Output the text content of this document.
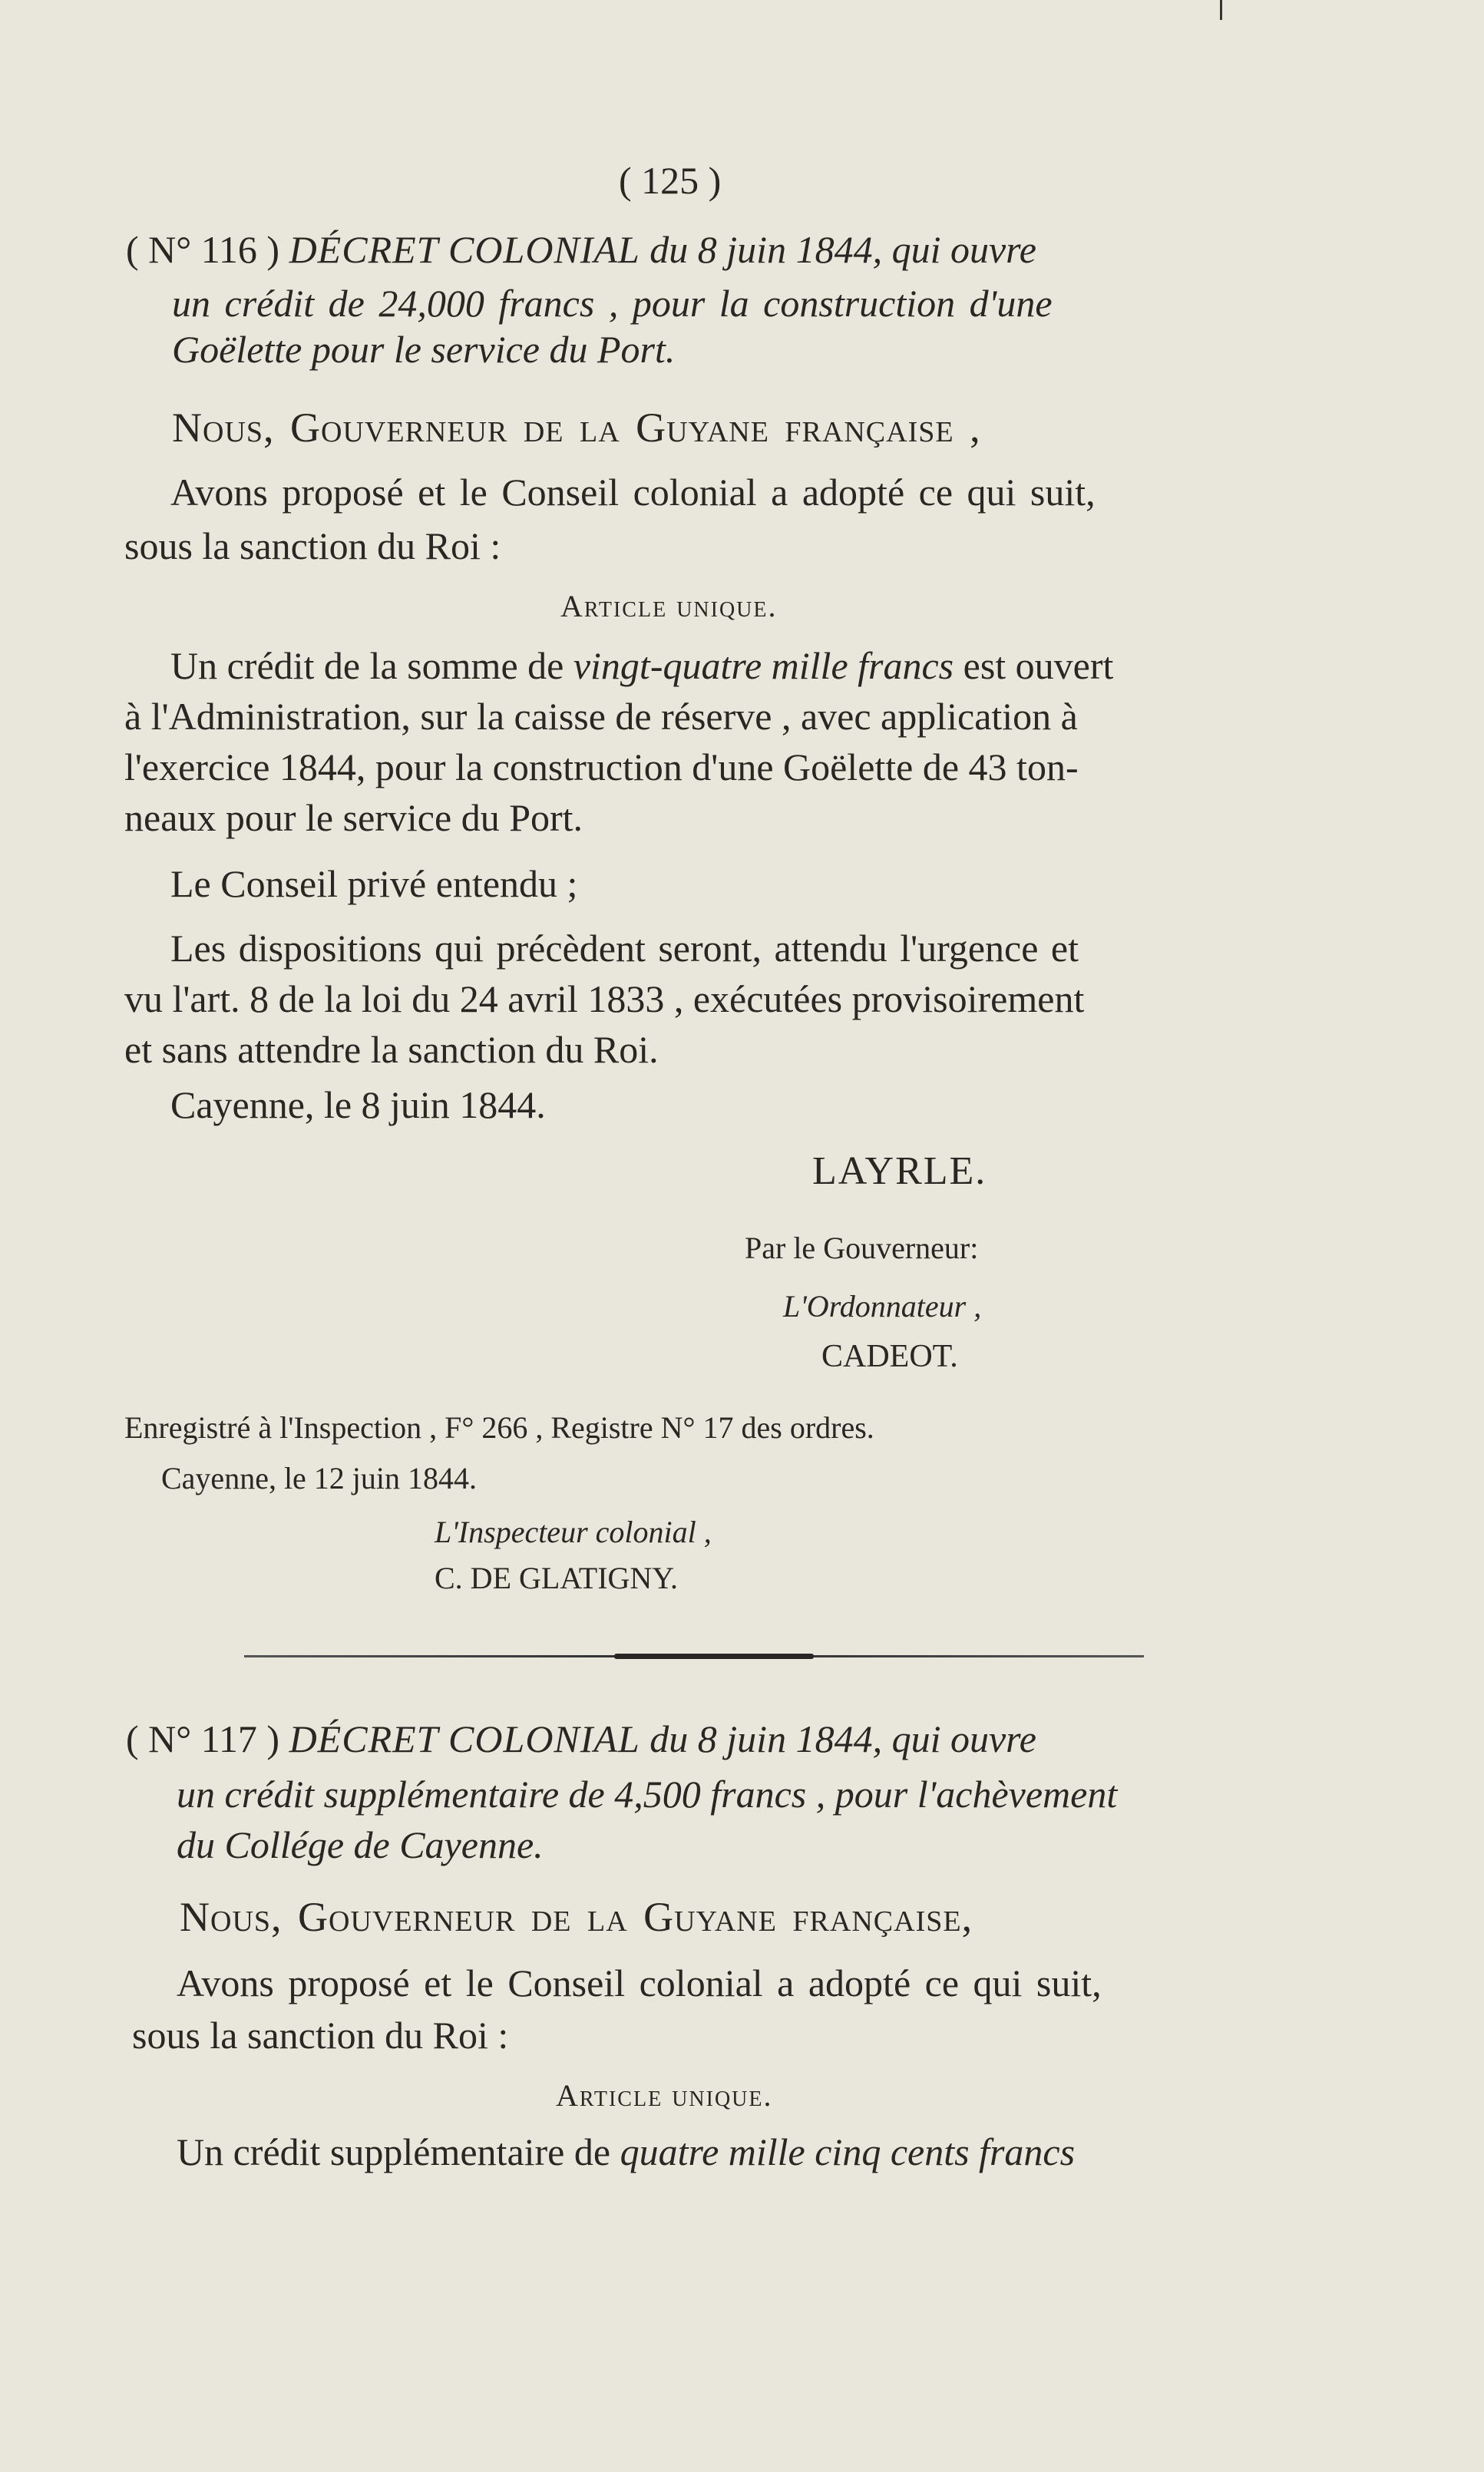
( 125 )
( N° 116 ) DÉCRET COLONIAL du 8 juin 1844, qui ouvre
un crédit de 24,000 francs , pour la construction d'une
Goëlette pour le service du Port.
Nous, Gouverneur de la Guyane française ,
Avons proposé et le Conseil colonial a adopté ce qui suit,
sous la sanction du Roi :
Article unique.
Un crédit de la somme de vingt-quatre mille francs est ouvert
à l'Administration, sur la caisse de réserve , avec application à
l'exercice 1844, pour la construction d'une Goëlette de 43 ton-
neaux pour le service du Port.
Le Conseil privé entendu ;
Les dispositions qui précèdent seront, attendu l'urgence et
vu l'art. 8 de la loi du 24 avril 1833 , exécutées provisoirement
et sans attendre la sanction du Roi.
Cayenne, le 8 juin 1844.
LAYRLE.
Par le Gouverneur:
L'Ordonnateur ,
CADEOT.
Enregistré à l'Inspection , F° 266 , Registre N° 17 des ordres.
Cayenne, le 12 juin 1844.
L'Inspecteur colonial ,
C. DE GLATIGNY.
( N° 117 ) DÉCRET COLONIAL du 8 juin 1844, qui ouvre
un crédit supplémentaire de 4,500 francs , pour l'achèvement
du Collége de Cayenne.
Nous, Gouverneur de la Guyane française,
Avons proposé et le Conseil colonial a adopté ce qui suit,
sous la sanction du Roi :
Article unique.
Un crédit supplémentaire de quatre mille cinq cents francs
